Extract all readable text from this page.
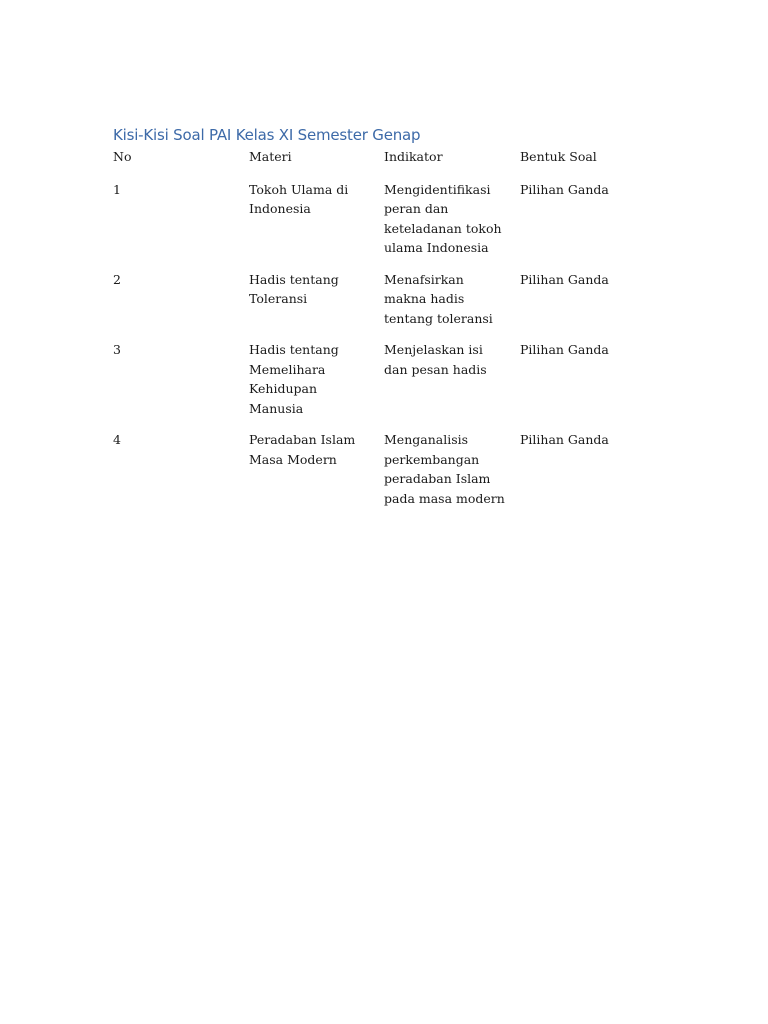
Kisi-Kisi Soal PAI Kelas XI Semester Genap
No	Materi	Indikator	Bentuk Soal
1	Tokoh Ulama di Indonesia	Mengidentifikasi peran dan keteladanan tokoh ulama Indonesia	Pilihan Ganda
2	Hadis tentang Toleransi	Menafsirkan makna hadis tentang toleransi	Pilihan Ganda
3	Hadis tentang Memelihara Kehidupan Manusia	Menjelaskan isi dan pesan hadis	Pilihan Ganda
4	Peradaban Islam Masa Modern	Menganalisis perkembangan peradaban Islam pada masa modern	Pilihan Ganda
